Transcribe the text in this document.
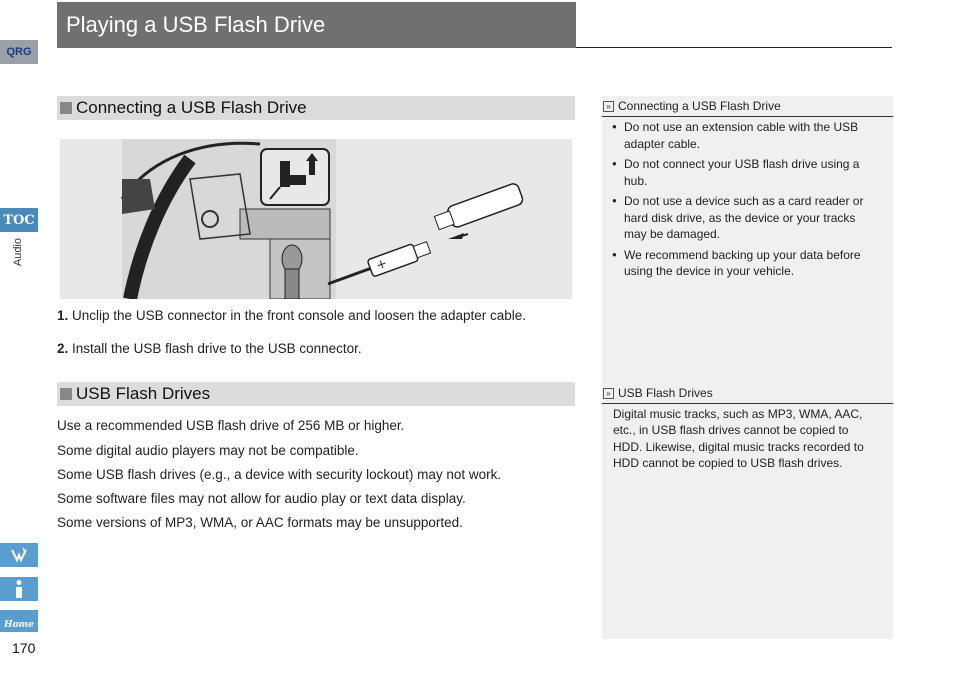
QRG
TOC
Audio
Home
170
Playing a USB Flash Drive
Connecting a USB Flash Drive
1. Unclip the USB connector in the front console and loosen the adapter cable.
2. Install the USB flash drive to the USB connector.
USB Flash Drives
Use a recommended USB flash drive of 256 MB or higher.
Some digital audio players may not be compatible.
Some USB flash drives (e.g., a device with security lockout) may not work.
Some software files may not allow for audio play or text data display.
Some versions of MP3, WMA, or AAC formats may be unsupported.
» Connecting a USB Flash Drive
● Do not use an extension cable with the USB adapter cable.
● Do not connect your USB flash drive using a hub.
● Do not use a device such as a card reader or hard disk drive, as the device or your tracks may be damaged.
● We recommend backing up your data before using the device in your vehicle.
» USB Flash Drives
Digital music tracks, such as MP3, WMA, AAC, etc., in USB flash drives cannot be copied to HDD. Likewise, digital music tracks recorded to HDD cannot be copied to USB flash drives.
